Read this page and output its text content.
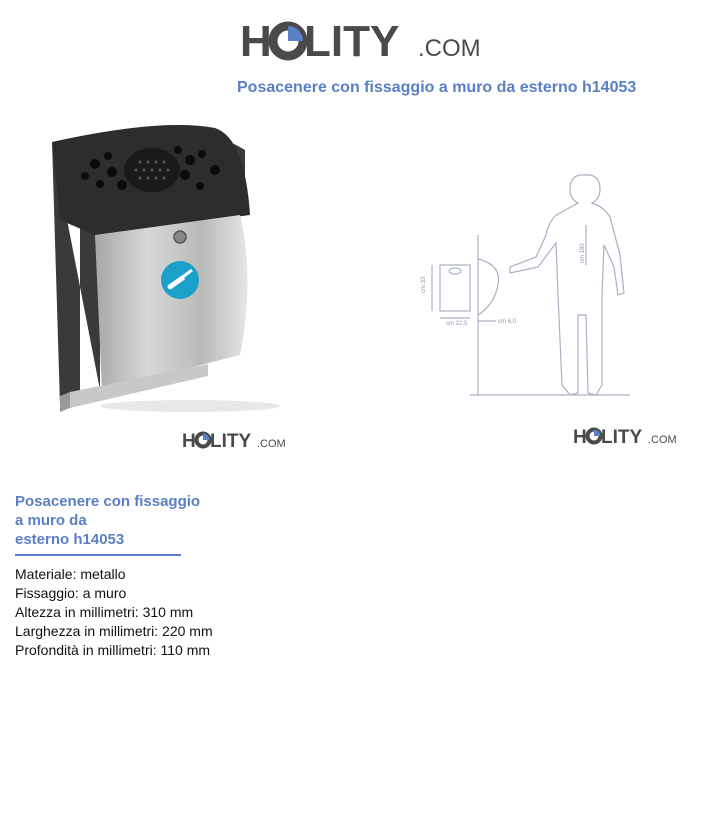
H LITY .COM
Posacenere con fissaggio a muro da esterno h14053
H LITY .COM
cm 180
cm 33
cm 22,5	cm 6,0
H LITY .COM
Posacenere con fissaggio
a muro da
esterno h14053
Materiale: metallo
Fissaggio: a muro
Altezza in millimetri: 310 mm
Larghezza in millimetri: 220 mm
Profondità in millimetri: 110 mm
